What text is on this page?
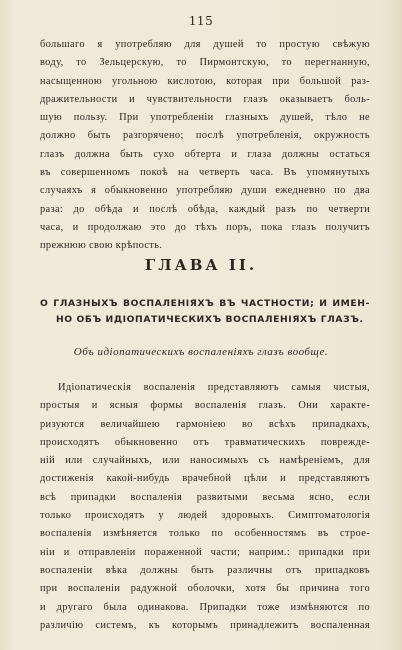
115
большаго я употребляю для душей то простую свѣжую
воду, то Зельцерскую, то Пирмонтскую, то перегнанную,
насыщенною угольною кислотою, которая при большой раз-
дражительности и чувствительности глазъ оказываетъ боль-
шую пользу. При употребленіи глазныхъ душей, тѣло не
должно быть разгорячено; послѣ употребленія, окружность
глазъ должна быть сухо обтерта и глаза должны остаться
въ совершенномъ покоѣ на четверть часа. Въ упомянутыхъ
случаяхъ я обыкновенно употребляю души ежедневно по два
раза: до обѣда и послѣ обѣда, каждый разъ по четверти
часа, и продолжаю это до тѣхъ поръ, пока глазъ получитъ
прежнюю свою крѣпость.
ГЛАВА II.
О ГЛАЗНЫХЪ ВОСПАЛЕНІЯХЪ ВЪ ЧАСТНОСТИ; И ИМЕН-
НО ОБЪ ИДІОПАТИЧЕСКИХЪ ВОСПАЛЕНІЯХЪ ГЛАЗЪ.
Объ идіопатическихъ воспаленіяхъ глазъ вообще.
Идіопатическія воспаленія представляютъ самыя чистыя,
простыя и ясныя формы воспаленія глазъ. Они характе-
ризуются величайшею гармоніею во всѣхъ припадкахъ,
происходятъ обыкновенно отъ травматическихъ поврежде-
ній или случайныхъ, или наносимыхъ съ намѣреніемъ, для
достиженія какой-нибудь врачебной цѣли и представляютъ
всѣ припадки воспаленія развитыми весьма ясно, если
только происходятъ у людей здоровыхъ. Симптоматологія
воспаленія измѣняется только по особенностямъ въ строе-
ніи и отправленіи пораженной части; наприм.: припадки при
воспаленіи вѣка должны быть различны отъ припадковъ
при воспаленіи радужной оболочки, хотя бы причина того
и другаго была одинакова. Припадки тоже измѣняются по
различію системъ, къ которымъ принадлежитъ воспаленная
